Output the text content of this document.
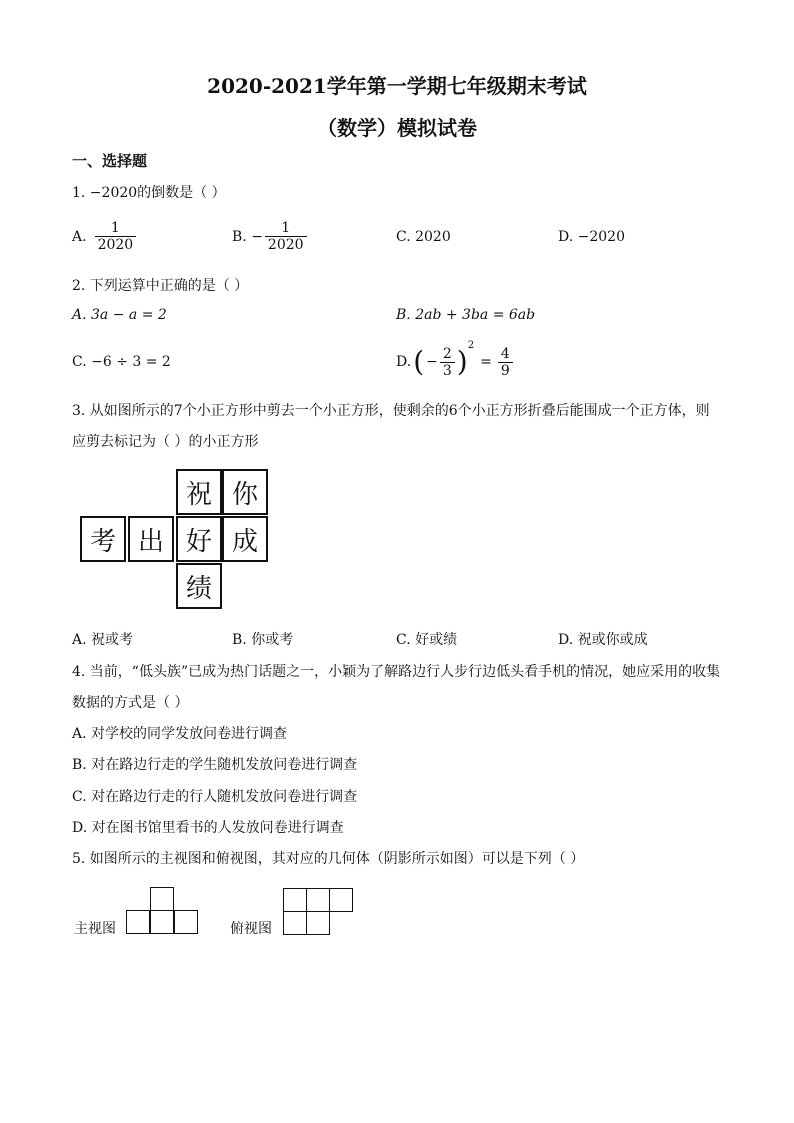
2020-2021学年第一学期七年级期末考试
（数学）模拟试卷
一、选择题
1. −2020的倒数是（ ）
A. $\frac{1}{2020}$	B. − $\frac{1}{2020}$	C. 2020	D. −2020
2. 下列运算中正确的是（ ）
A. 3a − a = 2	B. 2ab + 3ba = 6ab
C. −6 ÷ 3 = 2	D. ( − $\frac{2}{3}$ ) 2
= $\frac{4}{9}$
3. 从如图所示的7个小正方形中剪去一个小正方形，使剩余的6个小正方形折叠后能围成一个正方体，则
应剪去标记为（ ）的小正方形
祝 你
考 出 好 成
绩
A. 祝或考	B. 你或考	C. 好或绩	D. 祝或你或成
4. 当前，“低头族”已成为热门话题之一，小颖为了解路边行人步行边低头看手机的情况，她应采用的收集
数据的方式是（ ）
A. 对学校的同学发放问卷进行调查
B. 对在路边行走的学生随机发放问卷进行调查
C. 对在路边行走的行人随机发放问卷进行调查
D. 对在图书馆里看书的人发放问卷进行调查
5. 如图所示的主视图和俯视图，其对应的几何体（阴影所示如图）可以是下列（ ）
主视图	俯视图
